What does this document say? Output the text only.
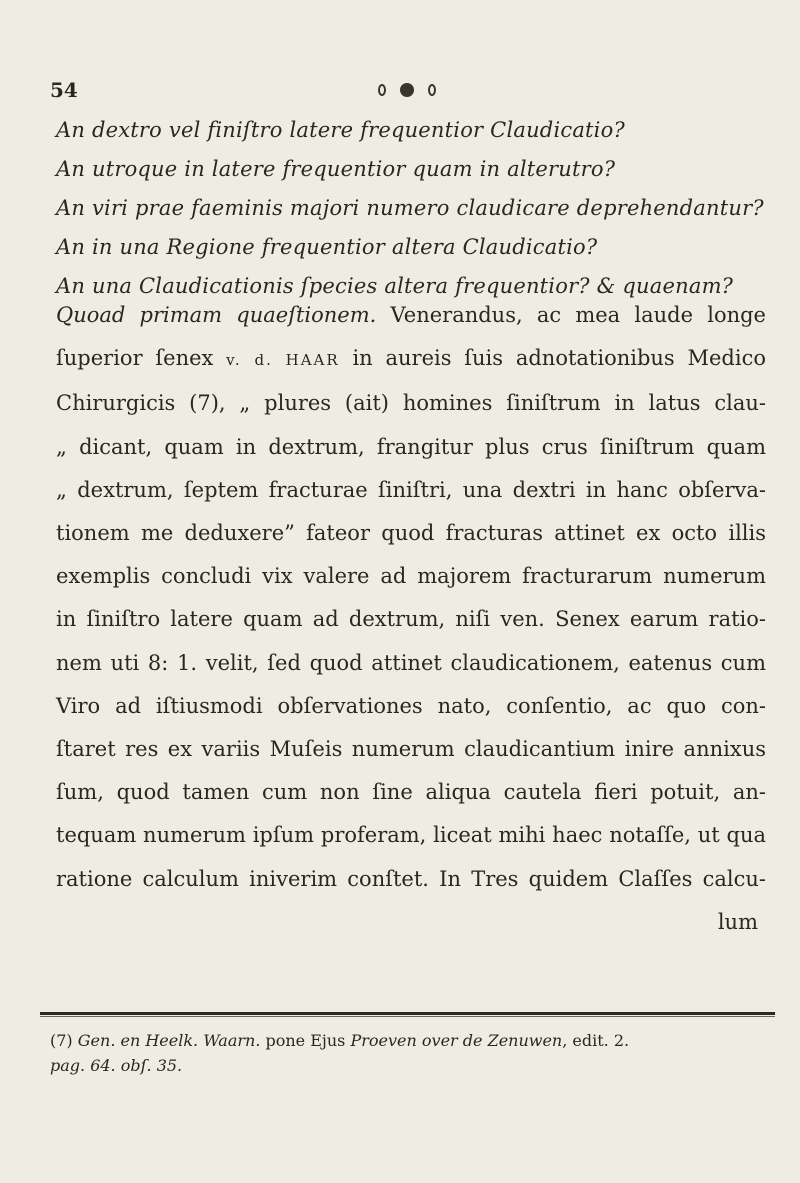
54
An dextro vel finiſtro latere frequentior Claudicatio?
An utroque in latere frequentior quam in alterutro?
An viri prae faeminis majori numero claudicare deprehendantur?
An in una Regione frequentior altera Claudicatio?
An una Claudicationis ſpecies altera frequentior? & quaenam?
Quoad primam quaeſtionem. Venerandus, ac mea laude longe
ſuperior ſenex v. d. HAAR in aureis ſuis adnotationibus Medico
Chirurgicis (7), „ plures (ait) homines ſiniſtrum in latus clau-
„ dicant, quam in dextrum, frangitur plus crus ſiniſtrum quam
„ dextrum, ſeptem fracturae ſiniſtri, una dextri in hanc obſerva-
tionem me deduxere” fateor quod fracturas attinet ex octo illis
exemplis concludi vix valere ad majorem fracturarum numerum
in ſiniſtro latere quam ad dextrum, niſi ven. Senex earum ratio-
nem uti 8: 1. velit, ſed quod attinet claudicationem, eatenus cum
Viro ad iſtiusmodi obſervationes nato, conſentio, ac quo con-
ſtaret res ex variis Muſeis numerum claudicantium inire annixus
ſum, quod tamen cum non ſine aliqua cautela fieri potuit, an-
tequam numerum ipſum proferam, liceat mihi haec notaſſe, ut qua
ratione calculum iniverim conſtet. In Tres quidem Claſſes calcu-
lum
(7) Gen. en Heelk. Waarn. pone Ejus Proeven over de Zenuwen, edit. 2.
pag. 64. obſ. 35.
